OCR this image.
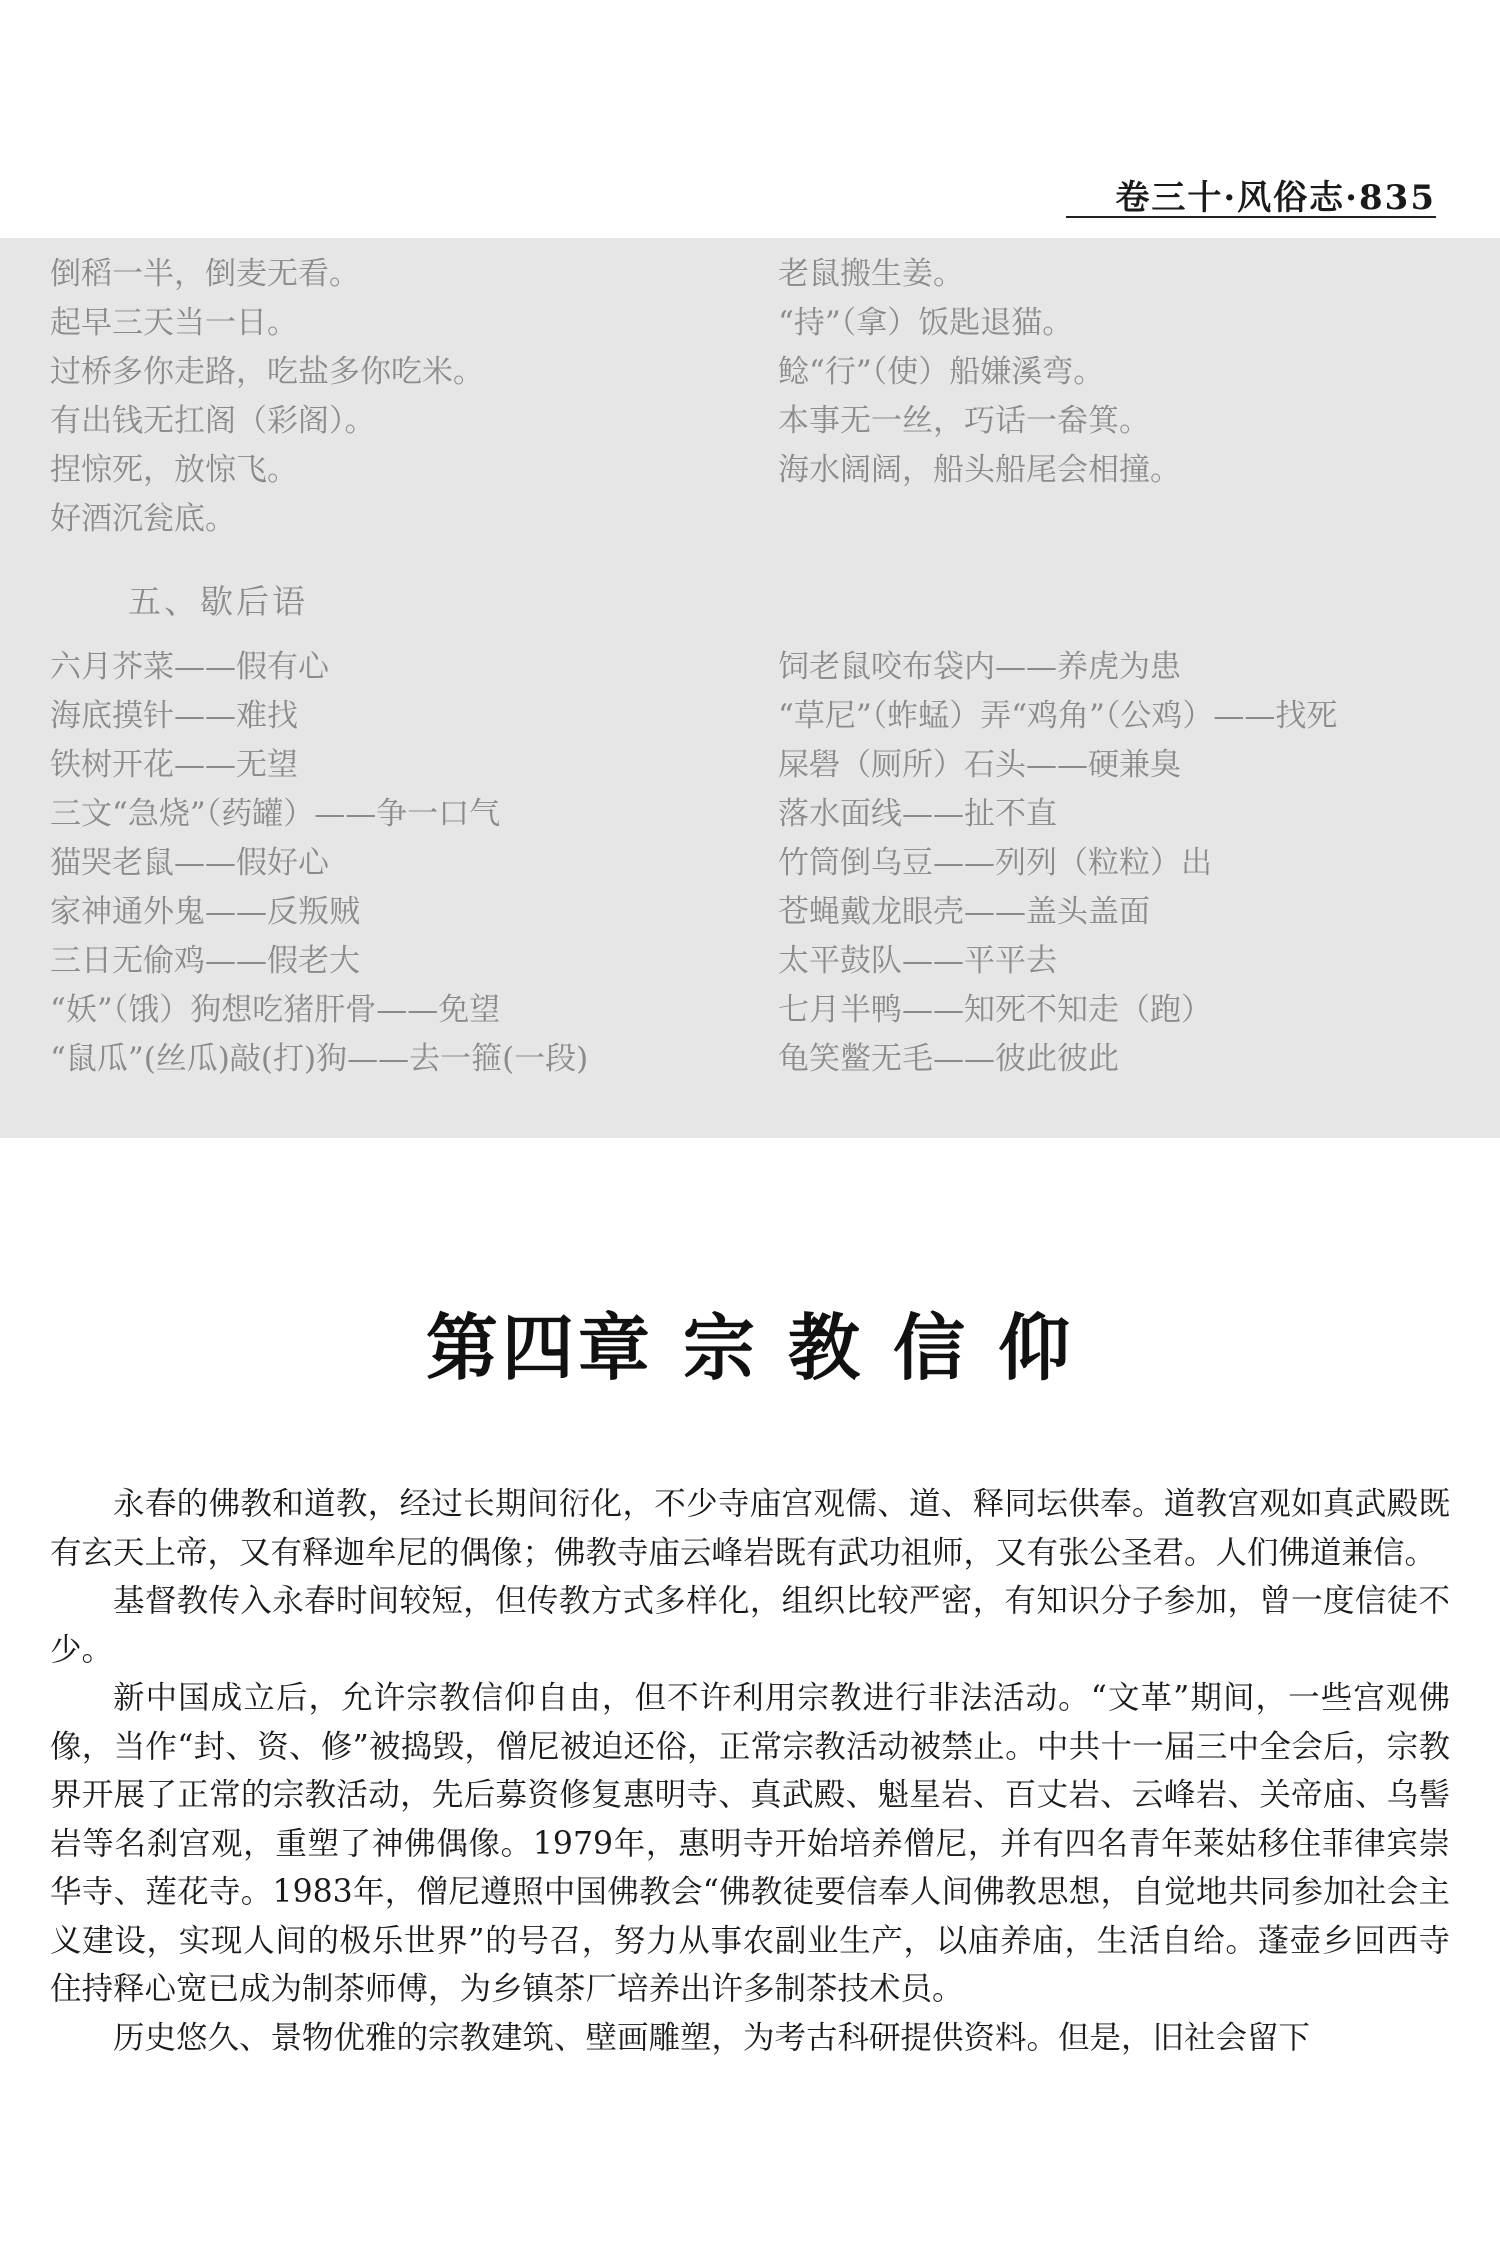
卷三十·风俗志·835
倒稻一半，倒麦无看。
起早三天当一日。
过桥多你走路，吃盐多你吃米。
有出钱无扛阁（彩阁）。
捏惊死，放惊飞。
好酒沉瓮底。
老鼠搬生姜。
“持”（拿）饭匙退猫。
鲶“行”（使）船嫌溪弯。
本事无一丝，巧话一畚箕。
海水阔阔，船头船尾会相撞。
五、歇后语
六月芥菜——假有心
海底摸针——难找
铁树开花——无望
三文“急烧”（药罐）——争一口气
猫哭老鼠——假好心
家神通外鬼——反叛贼
三日无偷鸡——假老大
“妖”（饿）狗想吃猪肝骨——免望
“鼠瓜”(丝瓜)敲(打)狗——去一箍(一段)
饲老鼠咬布袋内——养虎为患
“草尼”（蚱蜢）弄“鸡角”（公鸡）——找死
屎礐（厕所）石头——硬兼臭
落水面线——扯不直
竹筒倒乌豆——列列（粒粒）出
苍蝇戴龙眼壳——盖头盖面
太平鼓队——平平去
七月半鸭——知死不知走（跑）
龟笑鳖无毛——彼此彼此
第四章 宗 教 信 仰

永春的佛教和道教，经过长期间衍化，不少寺庙宫观儒、道、释同坛供奉。道教宫观如真武殿既有玄天上帝，又有释迦牟尼的偶像；佛教寺庙云峰岩既有武功祖师，又有张公圣君。人们佛道兼信。

基督教传入永春时间较短，但传教方式多样化，组织比较严密，有知识分子参加，曾一度信徒不少。

新中国成立后，允许宗教信仰自由，但不许利用宗教进行非法活动。“文革”期间，一些宫观佛像，当作“封、资、修”被捣毁，僧尼被迫还俗，正常宗教活动被禁止。中共十一届三中全会后，宗教界开展了正常的宗教活动，先后募资修复惠明寺、真武殿、魁星岩、百丈岩、云峰岩、关帝庙、乌髻岩等名刹宫观，重塑了神佛偶像。1979年，惠明寺开始培养僧尼，并有四名青年莱姑移住菲律宾崇华寺、莲花寺。1983年，僧尼遵照中国佛教会“佛教徒要信奉人间佛教思想，自觉地共同参加社会主义建设，实现人间的极乐世界”的号召，努力从事农副业生产，以庙养庙，生活自给。蓬壶乡回西寺住持释心宽已成为制茶师傅，为乡镇茶厂培养出许多制茶技术员。

历史悠久、景物优雅的宗教建筑、壁画雕塑，为考古科研提供资料。但是，旧社会留下
